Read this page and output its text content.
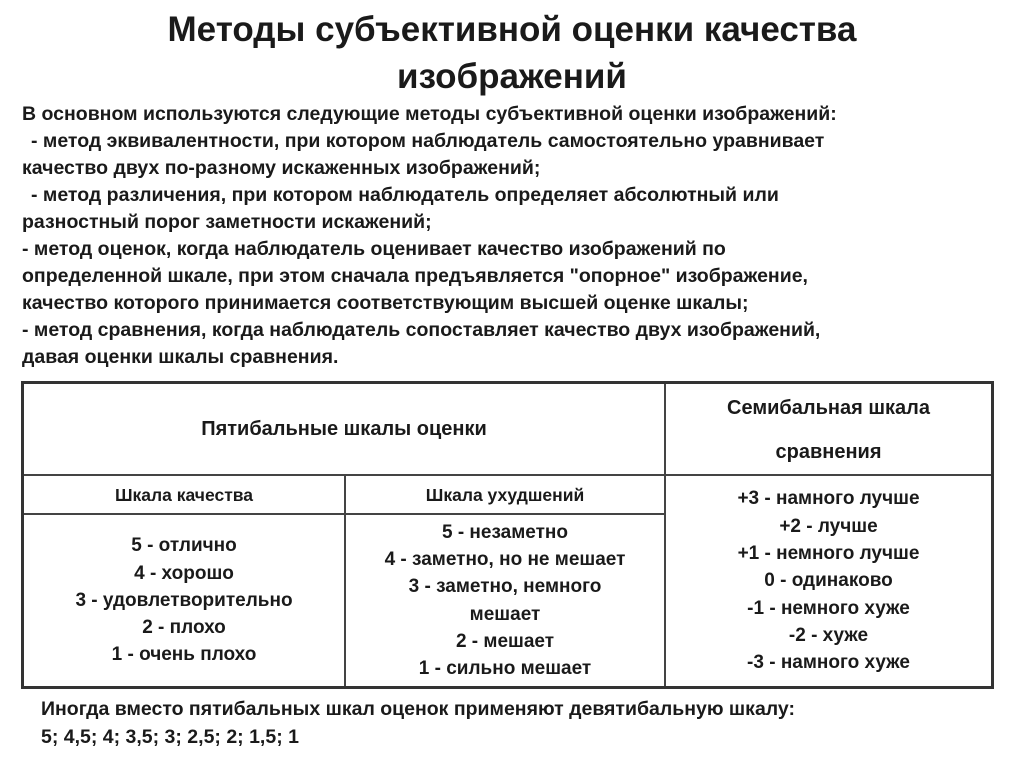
Методы субъективной оценки качества
изображений
В основном используются следующие методы субъективной оценки изображений:
- метод эквивалентности, при котором наблюдатель самостоятельно уравнивает
качество двух по-разному искаженных изображений;
- метод различения, при котором наблюдатель определяет абсолютный или
разностный порог заметности искажений;
- метод оценок, когда наблюдатель оценивает качество изображений по
определенной шкале, при этом сначала предъявляется "опорное" изображение,
качество которого принимается соответствующим высшей оценке шкалы;
- метод сравнения, когда наблюдатель сопоставляет качество двух изображений,
давая оценки шкалы сравнения.
Пятибальные шкалы оценки
Семибальная шкала
сравнения
Шкала качества	Шкала ухудшений
5 - отлично
4 - хорошо
3 - удовлетворительно
2 - плохо
1 - очень плохо
5 - незаметно
4 - заметно, но не мешает
3 - заметно, немного
мешает
2 - мешает
1 - сильно мешает
+3 - намного лучше
+2 - лучше
+1 - немного лучше
0 - одинаково
-1 - немного хуже
-2 - хуже
-3 - намного хуже
Иногда вместо пятибальных шкал оценок применяют девятибальную шкалу:
5; 4,5; 4; 3,5; 3; 2,5; 2; 1,5; 1
